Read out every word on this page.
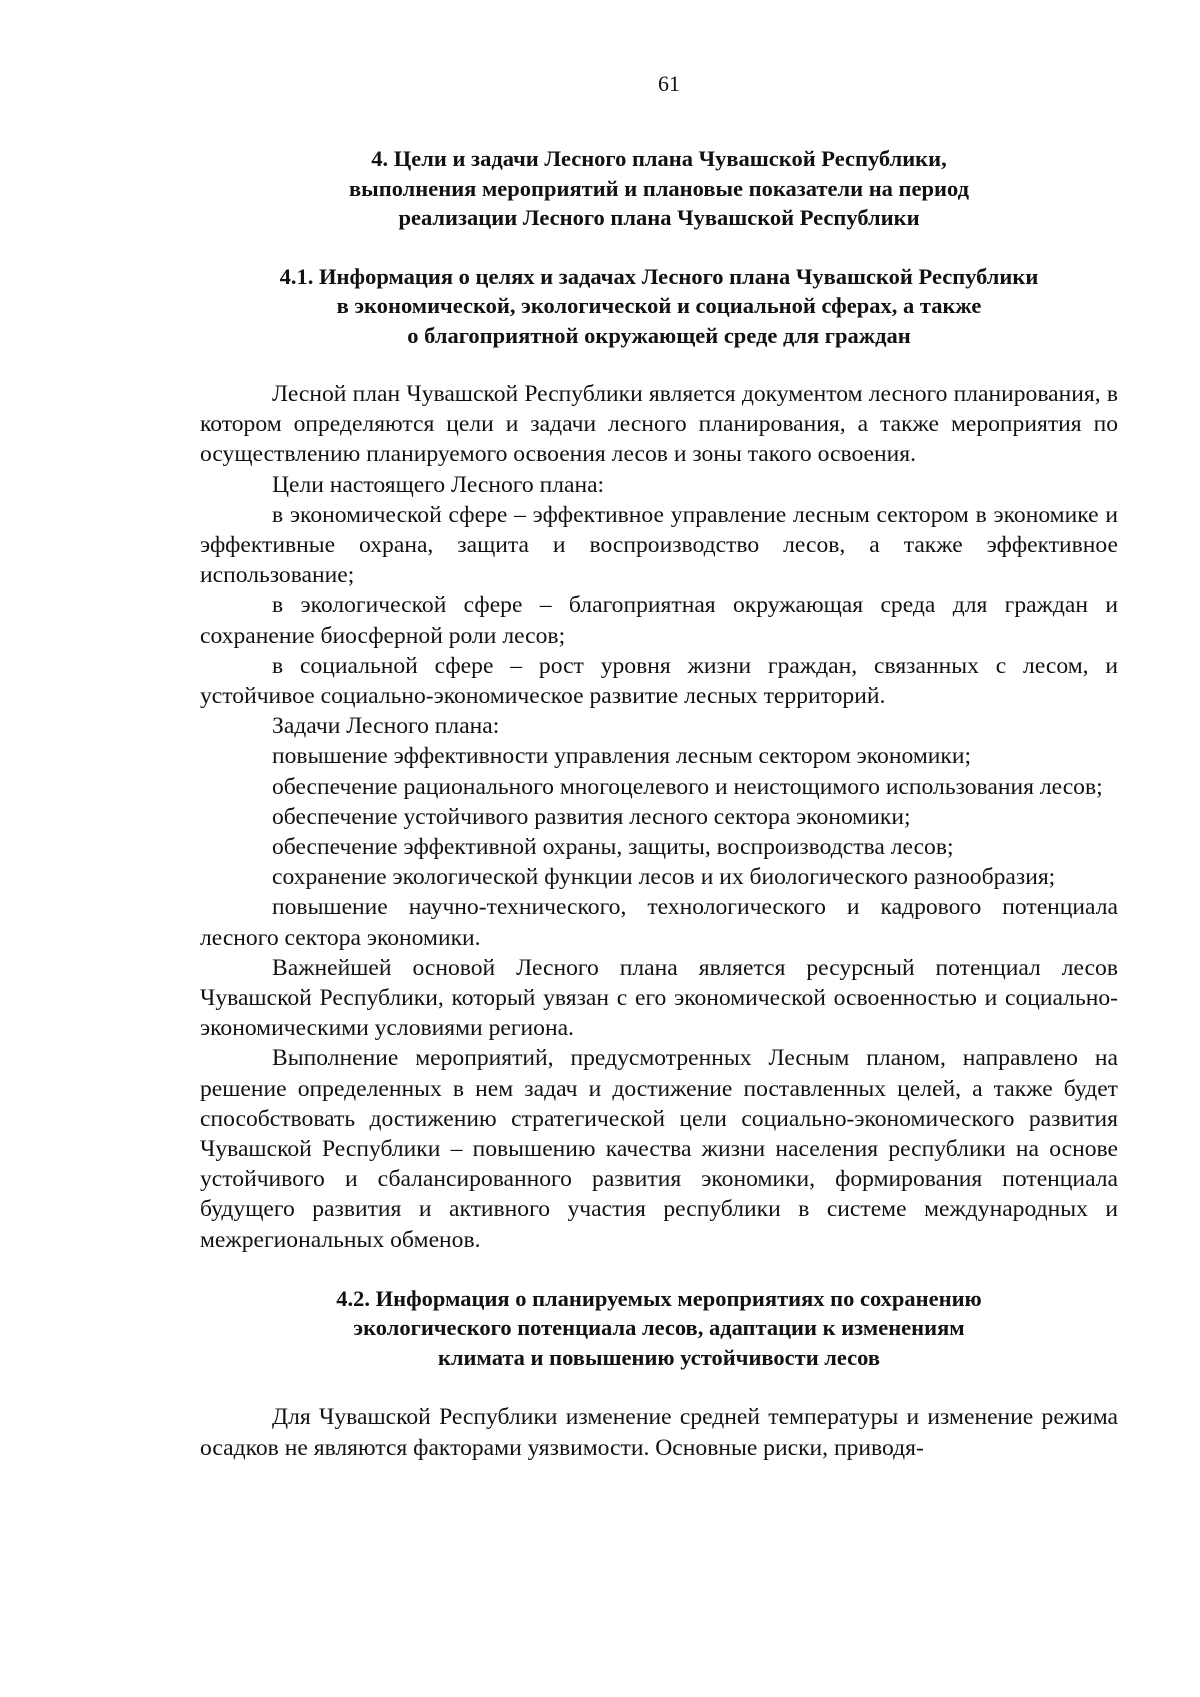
61
4. Цели и задачи Лесного плана Чувашской Республики,
выполнения мероприятий и плановые показатели на период
реализации Лесного плана Чувашской Республики
4.1. Информация о целях и задачах Лесного плана Чувашской Республики
в экономической, экологической и социальной сферах, а также
о благоприятной окружающей среде для граждан

Лесной план Чувашской Республики является документом лесного планирования, в котором определяются цели и задачи лесного планирования, а также мероприятия по осуществлению планируемого освоения лесов и зоны такого освоения.

Цели настоящего Лесного плана:

в экономической сфере – эффективное управление лесным сектором в экономике и эффективные охрана, защита и воспроизводство лесов, а также эффективное использование;

в экологической сфере – благоприятная окружающая среда для граждан и сохранение биосферной роли лесов;

в социальной сфере – рост уровня жизни граждан, связанных с лесом, и устойчивое социально-экономическое развитие лесных территорий.

Задачи Лесного плана:

повышение эффективности управления лесным сектором экономики;

обеспечение рационального многоцелевого и неистощимого использования лесов;

обеспечение устойчивого развития лесного сектора экономики;

обеспечение эффективной охраны, защиты, воспроизводства лесов;

сохранение экологической функции лесов и их биологического разнообразия;

повышение научно-технического, технологического и кадрового потенциала лесного сектора экономики.

Важнейшей основой Лесного плана является ресурсный потенциал лесов Чувашской Республики, который увязан с его экономической освоенностью и социально-экономическими условиями региона.

Выполнение мероприятий, предусмотренных Лесным планом, направлено на решение определенных в нем задач и достижение поставленных целей, а также будет способствовать достижению стратегической цели социально-экономического развития Чувашской Республики – повышению качества жизни населения республики на основе устойчивого и сбалансированного развития экономики, формирования потенциала будущего развития и активного участия республики в системе международных и межрегиональных обменов.

4.2. Информация о планируемых мероприятиях по сохранению
экологического потенциала лесов, адаптации к изменениям
климата и повышению устойчивости лесов

Для Чувашской Республики изменение средней температуры и изменение режима осадков не являются факторами уязвимости. Основные риски, приводя-
